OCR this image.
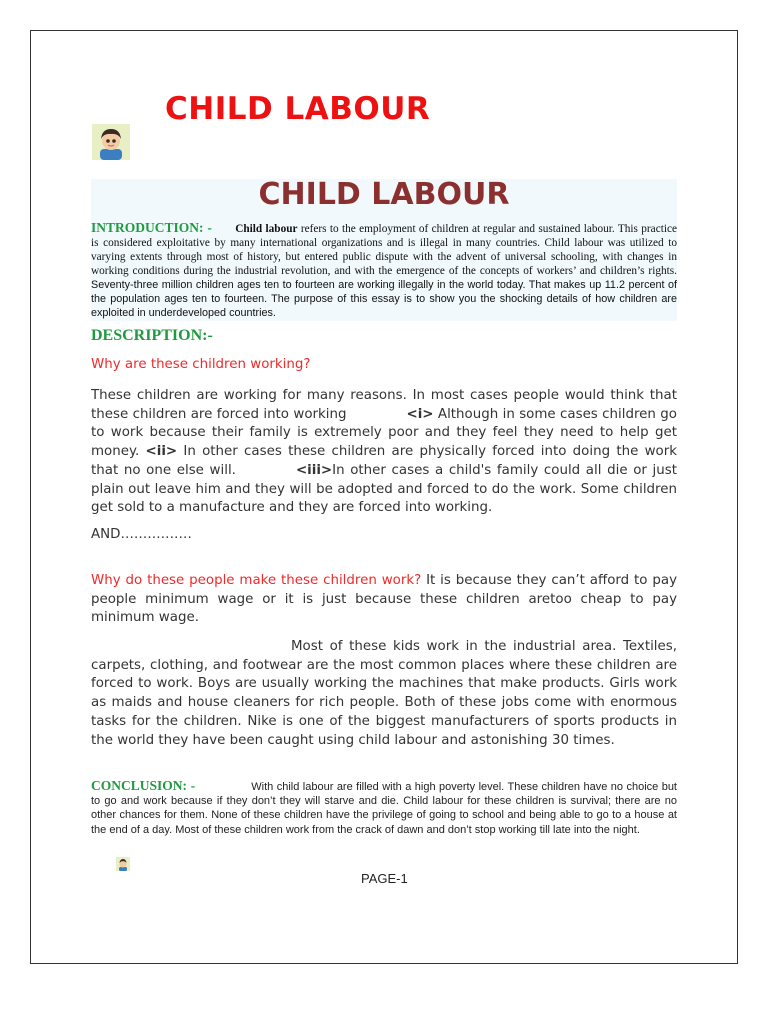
CHILD LABOUR
CHILD LABOUR
INTRODUCTION: - Child labour refers to the employment of children at regular and sustained labour. This practice is considered exploitative by many international organizations and is illegal in many countries. Child labour was utilized to varying extents through most of history, but entered public dispute with the advent of universal schooling, with changes in working conditions during the industrial revolution, and with the emergence of the concepts of workers’ and children’s rights. Seventy-three million children ages ten to fourteen are working illegally in the world today. That makes up 11.2 percent of the population ages ten to fourteen. The purpose of this essay is to show you the shocking details of how children are exploited in underdeveloped countries.
DESCRIPTION:-
Why are these children working?
These children are working for many reasons. In most cases people would think that these children are forced into working	<i> Although in some cases children go to work because their family is extremely poor and they feel they need to help get money. <ii> In other cases these children are physically forced into doing the work that no one else will.	<iii>In other cases a child's family could all die or just plain out leave him and they will be adopted and forced to do the work. Some children get sold to a manufacture and they are forced into working.
AND…………….
Why do these people make these children work? It is because they can’t afford to pay people minimum wage or it is just because these children aretoo cheap to pay minimum wage.
Most of these kids work in the industrial area. Textiles, carpets, clothing, and footwear are the most common places where these children are forced to work. Boys are usually working the machines that make products. Girls work as maids and house cleaners for rich people. Both of these jobs come with enormous tasks for the children. Nike is one of the biggest manufacturers of sports products in the world they have been caught using child labour and astonishing 30 times.
CONCLUSION: -	With child labour are filled with a high poverty level. These children have no choice but to go and work because if they don’t they will starve and die. Child labour for these children is survival; there are no other chances for them. None of these children have the privilege of going to school and being able to go to a house at the end of a day. Most of these children work from the crack of dawn and don’t stop working till late into the night.
PAGE-1
